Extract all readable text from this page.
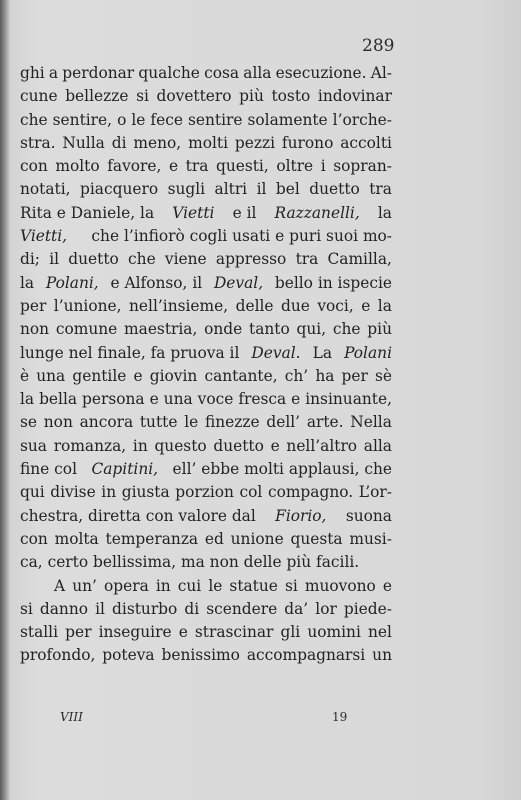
289
ghi a perdonar qualche cosa alla esecuzione. Al-
cune bellezze si dovettero più tosto indovinar
che sentire, o le fece sentire solamente l’orche-
stra. Nulla di meno, molti pezzi furono accolti
con molto favore, e tra questi, oltre i sopran-
notati, piacquero sugli altri il bel duetto tra
Rita e Daniele, la Vietti e il Razzanelli, la
Vietti, che l’infiorò cogli usati e puri suoi mo-
di; il duetto che viene appresso tra Camilla,
la Polani, e Alfonso, il Deval, bello in ispecie
per l’unione, nell’insieme, delle due voci, e la
non comune maestria, onde tanto qui, che più
lunge nel finale, fa pruova il Deval. La Polani
è una gentile e giovin cantante, ch’ ha per sè
la bella persona e una voce fresca e insinuante,
se non ancora tutte le finezze dell’ arte. Nella
sua romanza, in questo duetto e nell’altro alla
fine col Capitini, ell’ ebbe molti applausi, che
qui divise in giusta porzion col compagno. L’or-
chestra, diretta con valore dal Fiorio, suona
con molta temperanza ed unione questa musi-
ca, certo bellissima, ma non delle più facili.
A un’ opera in cui le statue si muovono e
si danno il disturbo di scendere da’ lor piede-
stalli per inseguire e strascinar gli uomini nel
profondo, poteva benissimo accompagnarsi un
VIII	19
